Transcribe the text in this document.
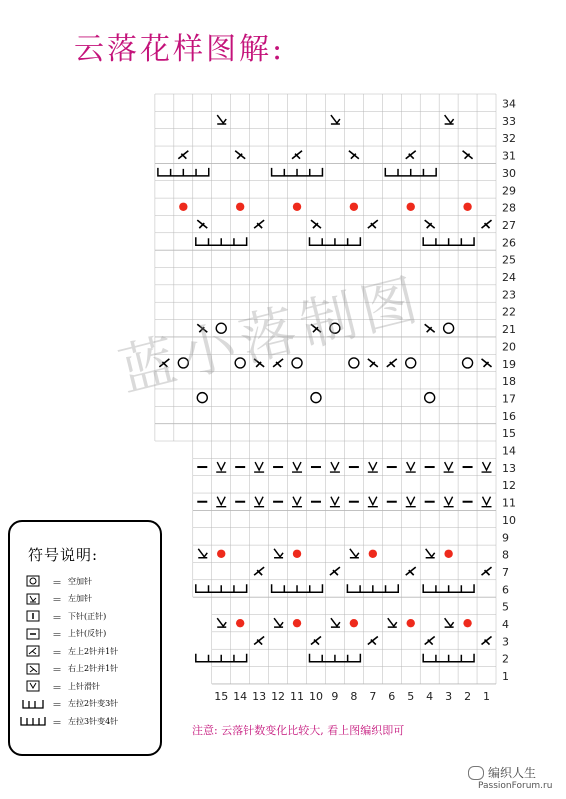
云落花样图解:
34
33
32
31
30
29
28
27
26
25
24
23
22
21
20
19
18
17
16
15
14
13
12
11
10
9
8
7
6
5
4
3
2
1
15 14 13 12 11 10 9 8 7 6 5 4 3 2 1
蓝小落制图
符号说明:
＝ 空加针
＝ 左加针
＝ 下针(正针)
＝ 上针(反针)
＝ 左上2针并1针
＝ 右上2针并1针
＝ 上针滑针
＝ 左拉2针变3针
＝ 左拉3针变4针
注意: 云落针数变化比较大, 看上图编织即可
编织人生
PassionForum.ru
